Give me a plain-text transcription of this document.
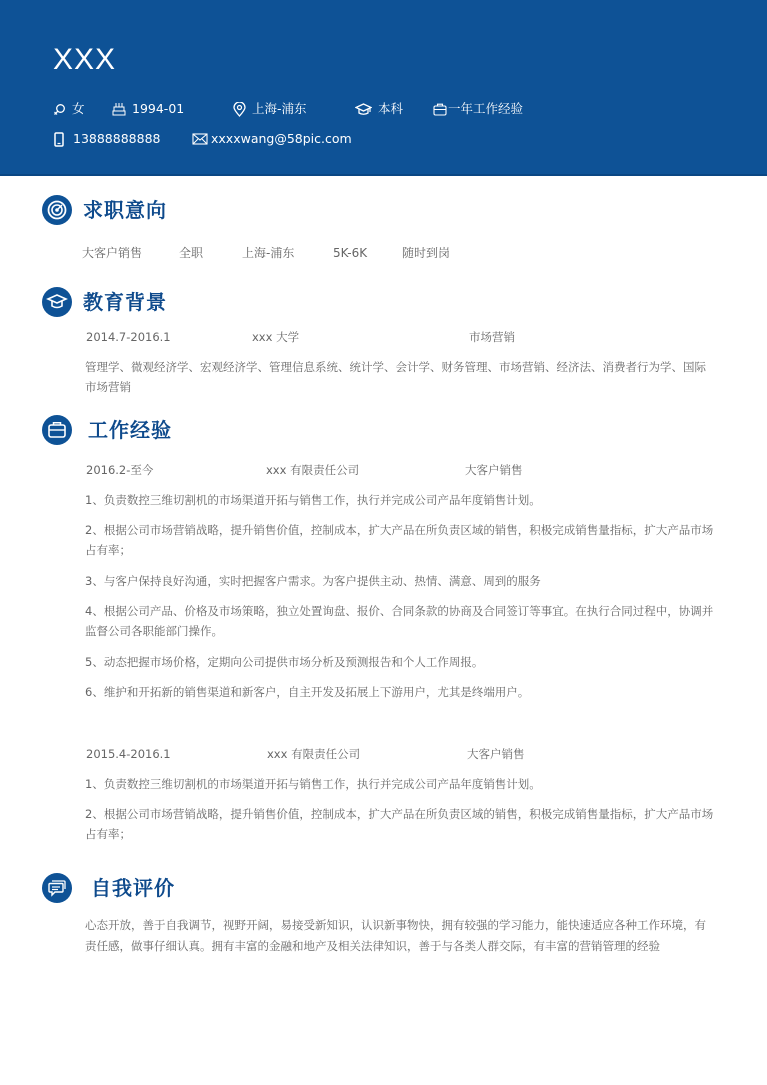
XXX
女	1994-01	上海-浦东	本科	一年工作经验
13888888888	xxxxwang@58pic.com
求职意向
大客户销售	全职	上海-浦东	5K-6K	随时到岗
教育背景
2014.7-2016.1	xxx 大学	市场营销
管理学、微观经济学、宏观经济学、管理信息系统、统计学、会计学、财务管理、市场营销、经济法、消费者行为学、国际市场营销
工作经验
2016.2-至今	xxx 有限责任公司	大客户销售
1、负责数控三维切割机的市场渠道开拓与销售工作，执行并完成公司产品年度销售计划。
2、根据公司市场营销战略，提升销售价值，控制成本，扩大产品在所负责区域的销售，积极完成销售量指标，扩大产品市场占有率；
3、与客户保持良好沟通，实时把握客户需求。为客户提供主动、热情、满意、周到的服务
4、根据公司产品、价格及市场策略，独立处置询盘、报价、合同条款的协商及合同签订等事宜。在执行合同过程中，协调并监督公司各职能部门操作。
5、动态把握市场价格，定期向公司提供市场分析及预测报告和个人工作周报。
6、维护和开拓新的销售渠道和新客户，自主开发及拓展上下游用户，尤其是终端用户。
2015.4-2016.1	xxx 有限责任公司	大客户销售
1、负责数控三维切割机的市场渠道开拓与销售工作，执行并完成公司产品年度销售计划。
2、根据公司市场营销战略，提升销售价值，控制成本，扩大产品在所负责区域的销售，积极完成销售量指标，扩大产品市场占有率；
自我评价
心态开放，善于自我调节，视野开阔，易接受新知识，认识新事物快，拥有较强的学习能力，能快速适应各种工作环境，有责任感，做事仔细认真。拥有丰富的金融和地产及相关法律知识，善于与各类人群交际，有丰富的营销管理的经验
